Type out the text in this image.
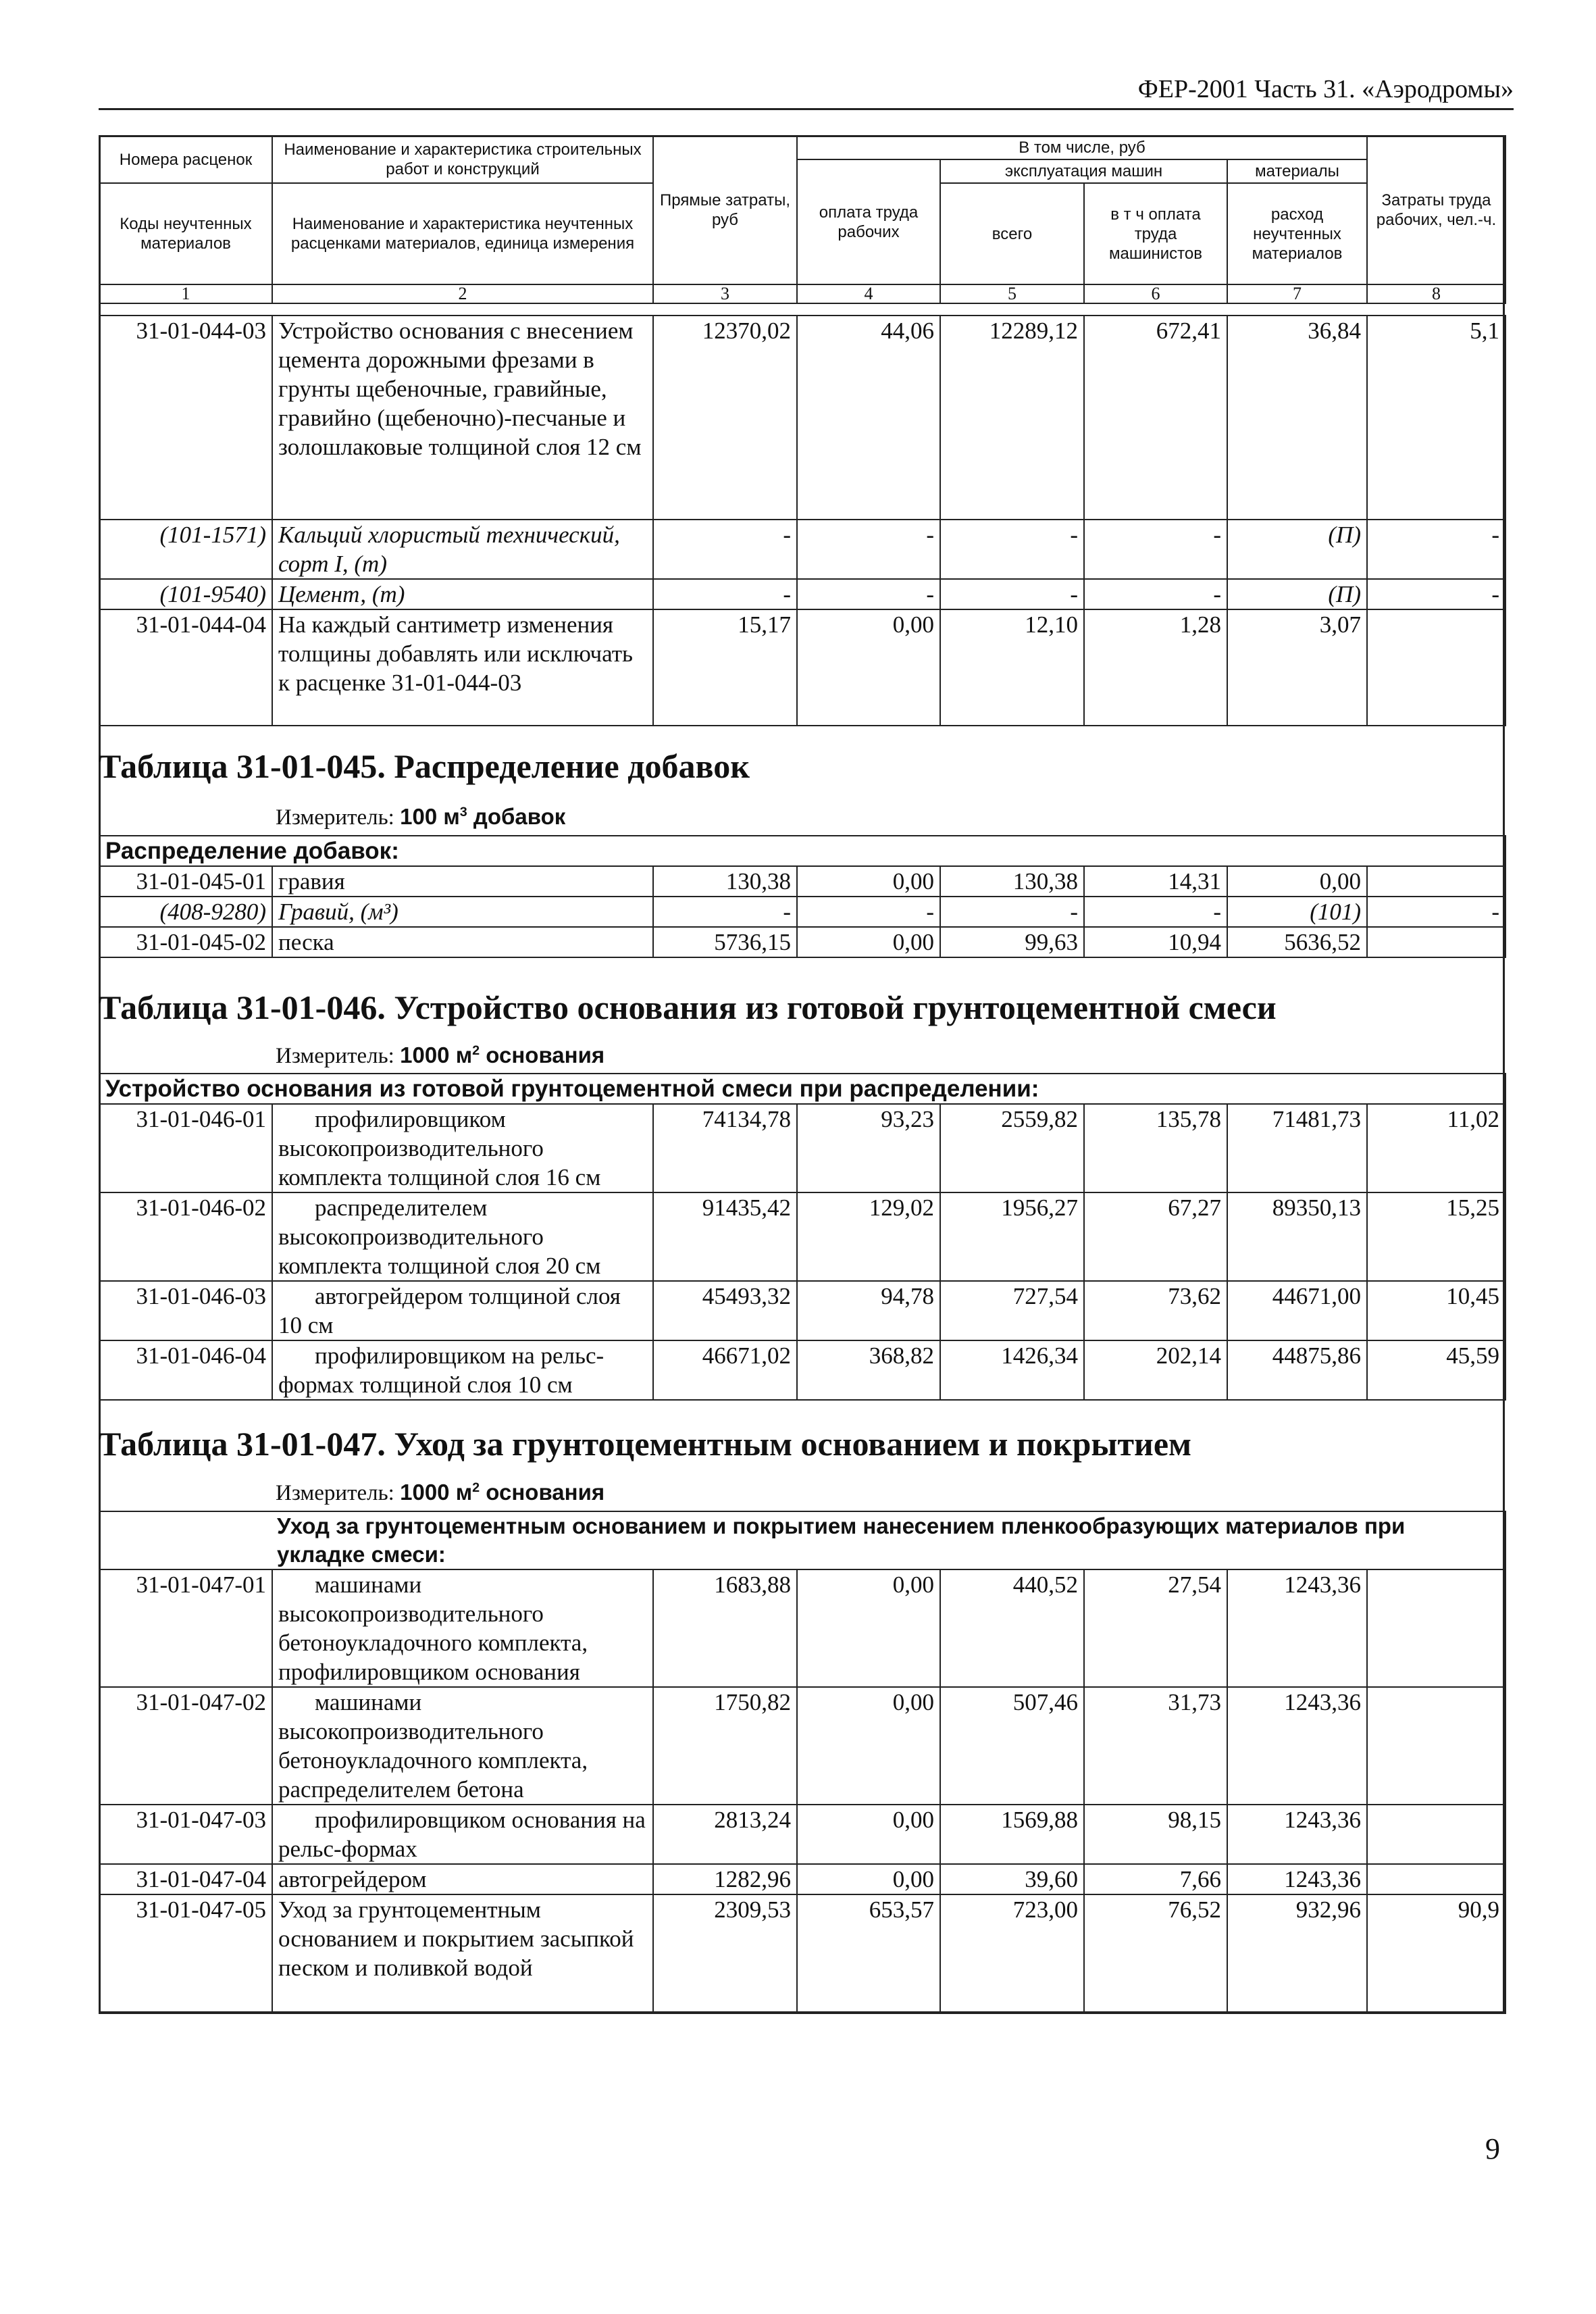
ФЕР-2001 Часть 31. «Аэродромы»
Номера расценок	Наименование и характеристика строительных работ и конструкций	Прямые затраты, руб	В том числе, руб				Затраты труда рабочих, чел.-ч.
			оплата труда рабочих	эксплуатация машин		материалы	
Коды неучтенных материалов	Наименование и характеристика неучтенных расценками материалов, единица измерения			всего	в т ч оплата труда машинистов	расход неучтенных материалов	

1	2	3	4	5	6	7	8
31-01-044-03	Устройство основания с внесением цемента дорожными фрезами в грунты щебеночные, гравийные, гравийно (щебеночно)-песчаные и золошлаковые толщиной слоя 12 см	12370,02	44,06	12289,12	672,41	36,84	5,1
(101-1571)	Кальций хлористый технический, сорт I, (т)	-	-	-	-	(П)	-
(101-9540)	Цемент, (т)	-	-	-	-	(П)	-
31-01-044-04	На каждый сантиметр изменения толщины добавлять или исключать к расценке 31-01-044-03	15,17	0,00	12,10	1,28	3,07	
Таблица 31-01-045. Распределение добавок
Измеритель: 100 $м^3$ добавок
Распределение добавок:							
31-01-045-01	гравия	130,38	0,00	130,38	14,31	0,00	
(408-9280)	Гравий, (м³)	-	-	-	-	(101)	-
31-01-045-02	песка	5736,15	0,00	99,63	10,94	5636,52	
Таблица 31-01-046. Устройство основания из готовой грунтоцементной смеси
Измеритель: 1000 $м^2$ основания
Устройство основания из готовой грунтоцементной смеси при распределении:							
31-01-046-01	профилировщиком высокопроизводительного комплекта толщиной слоя 16 см	74134,78	93,23	2559,82	135,78	71481,73	11,02
31-01-046-02	распределителем высокопроизводительного комплекта толщиной слоя 20 см	91435,42	129,02	1956,27	67,27	89350,13	15,25
31-01-046-03	автогрейдером толщиной слоя 10 см	45493,32	94,78	727,54	73,62	44671,00	10,45
31-01-046-04	профилировщиком на рельс-формах толщиной слоя 10 см	46671,02	368,82	1426,34	202,14	44875,86	45,59
Таблица 31-01-047. Уход за грунтоцементным основанием и покрытием
Измеритель: 1000 $м^2$ основания
Уход за грунтоцементным основанием и покрытием нанесением пленкообразующих материалов при укладке смеси:							
31-01-047-01	машинами высокопроизводительного бетоноукладочного комплекта, профилировщиком основания	1683,88	0,00	440,52	27,54	1243,36	
31-01-047-02	машинами высокопроизводительного бетоноукладочного комплекта, распределителем бетона	1750,82	0,00	507,46	31,73	1243,36	
31-01-047-03	профилировщиком основания на рельс-формах	2813,24	0,00	1569,88	98,15	1243,36	
31-01-047-04	автогрейдером	1282,96	0,00	39,60	7,66	1243,36	
31-01-047-05	Уход за грунтоцементным основанием и покрытием засыпкой песком и поливкой водой	2309,53	653,57	723,00	76,52	932,96	90,9
9
